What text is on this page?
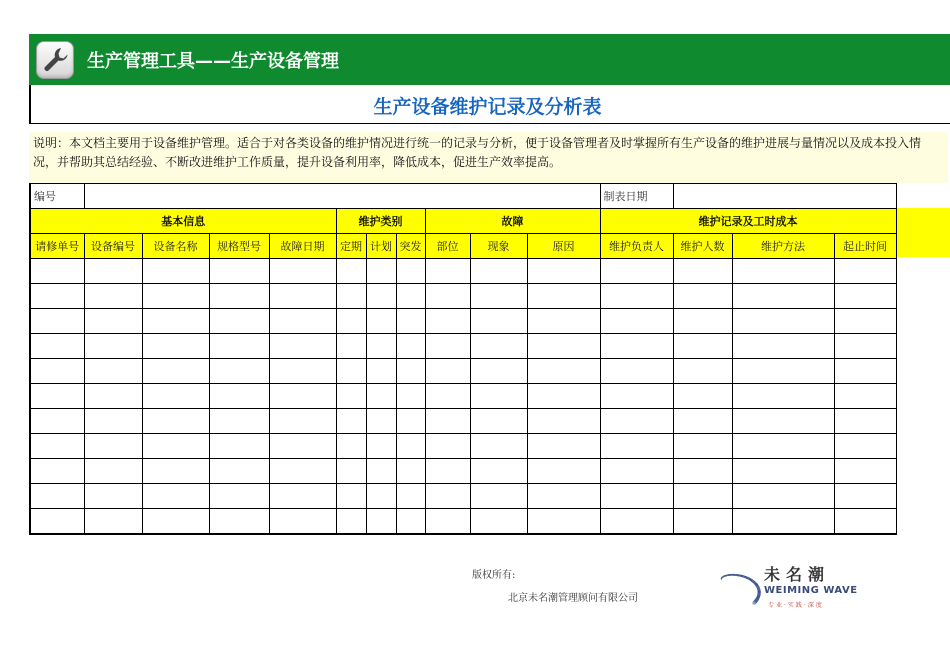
生产管理工具——生产设备管理
生产设备维护记录及分析表
说明：本文档主要用于设备维护管理。适合于对各类设备的维护情况进行统一的记录与分析，便于设备管理者及时掌握所有生产设备的维护进展与量情况以及成本投入情况，并帮助其总结经验、不断改进维护工作质量，提升设备利用率，降低成本，促进生产效率提高。
编号											制表日期			
基本信息					维护类别			故障			维护记录及工时成本			
请修单号	设备编号	设备名称	规格型号	故障日期	定期	计划	突发	部位	现象	原因	维护负责人	维护人数	维护方法	起止时间

版权所有:
北京未名潮管理顾问有限公司
未名潮
WEIMING WAVE
专业·实践·深度
